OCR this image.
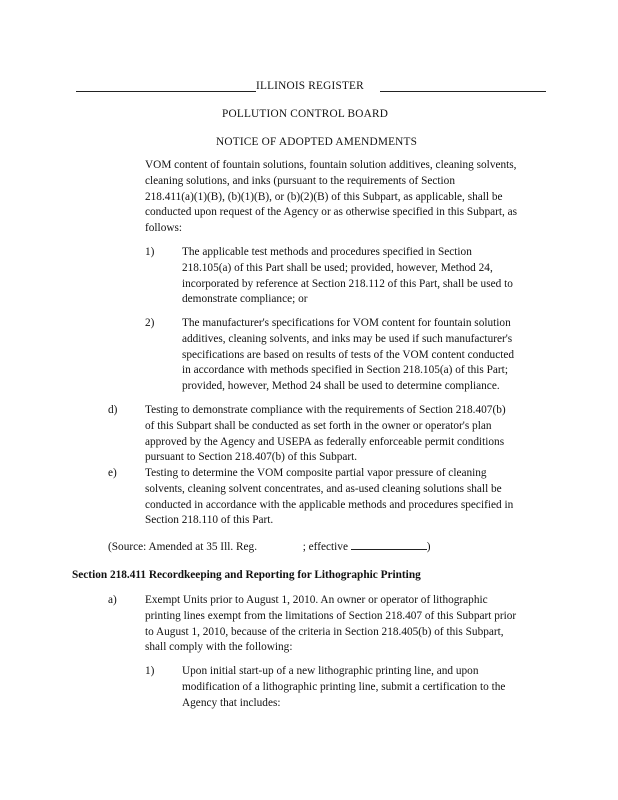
ILLINOIS REGISTER
POLLUTION CONTROL BOARD
NOTICE OF ADOPTED AMENDMENTS
VOM content of fountain solutions, fountain solution additives, cleaning solvents,
cleaning solutions, and inks (pursuant to the requirements of Section
218.411(a)(1)(B), (b)(1)(B), or (b)(2)(B) of this Subpart, as applicable, shall be
conducted upon request of the Agency or as otherwise specified in this Subpart, as
follows:
1) The applicable test methods and procedures specified in Section
218.105(a) of this Part shall be used; provided, however, Method 24,
incorporated by reference at Section 218.112 of this Part, shall be used to
demonstrate compliance; or
2) The manufacturer's specifications for VOM content for fountain solution
additives, cleaning solvents, and inks may be used if such manufacturer's
specifications are based on results of tests of the VOM content conducted
in accordance with methods specified in Section 218.105(a) of this Part;
provided, however, Method 24 shall be used to determine compliance.
d) Testing to demonstrate compliance with the requirements of Section 218.407(b)
of this Subpart shall be conducted as set forth in the owner or operator's plan
approved by the Agency and USEPA as federally enforceable permit conditions
pursuant to Section 218.407(b) of this Subpart.
e) Testing to determine the VOM composite partial vapor pressure of cleaning
solvents, cleaning solvent concentrates, and as-used cleaning solutions shall be
conducted in accordance with the applicable methods and procedures specified in
Section 218.110 of this Part.
(Source: Amended at 35 Ill. Reg.	; effective	)
Section 218.411 Recordkeeping and Reporting for Lithographic Printing
a) Exempt Units prior to August 1, 2010. An owner or operator of lithographic
printing lines exempt from the limitations of Section 218.407 of this Subpart prior
to August 1, 2010, because of the criteria in Section 218.405(b) of this Subpart,
shall comply with the following:
1) Upon initial start-up of a new lithographic printing line, and upon
modification of a lithographic printing line, submit a certification to the
Agency that includes:
